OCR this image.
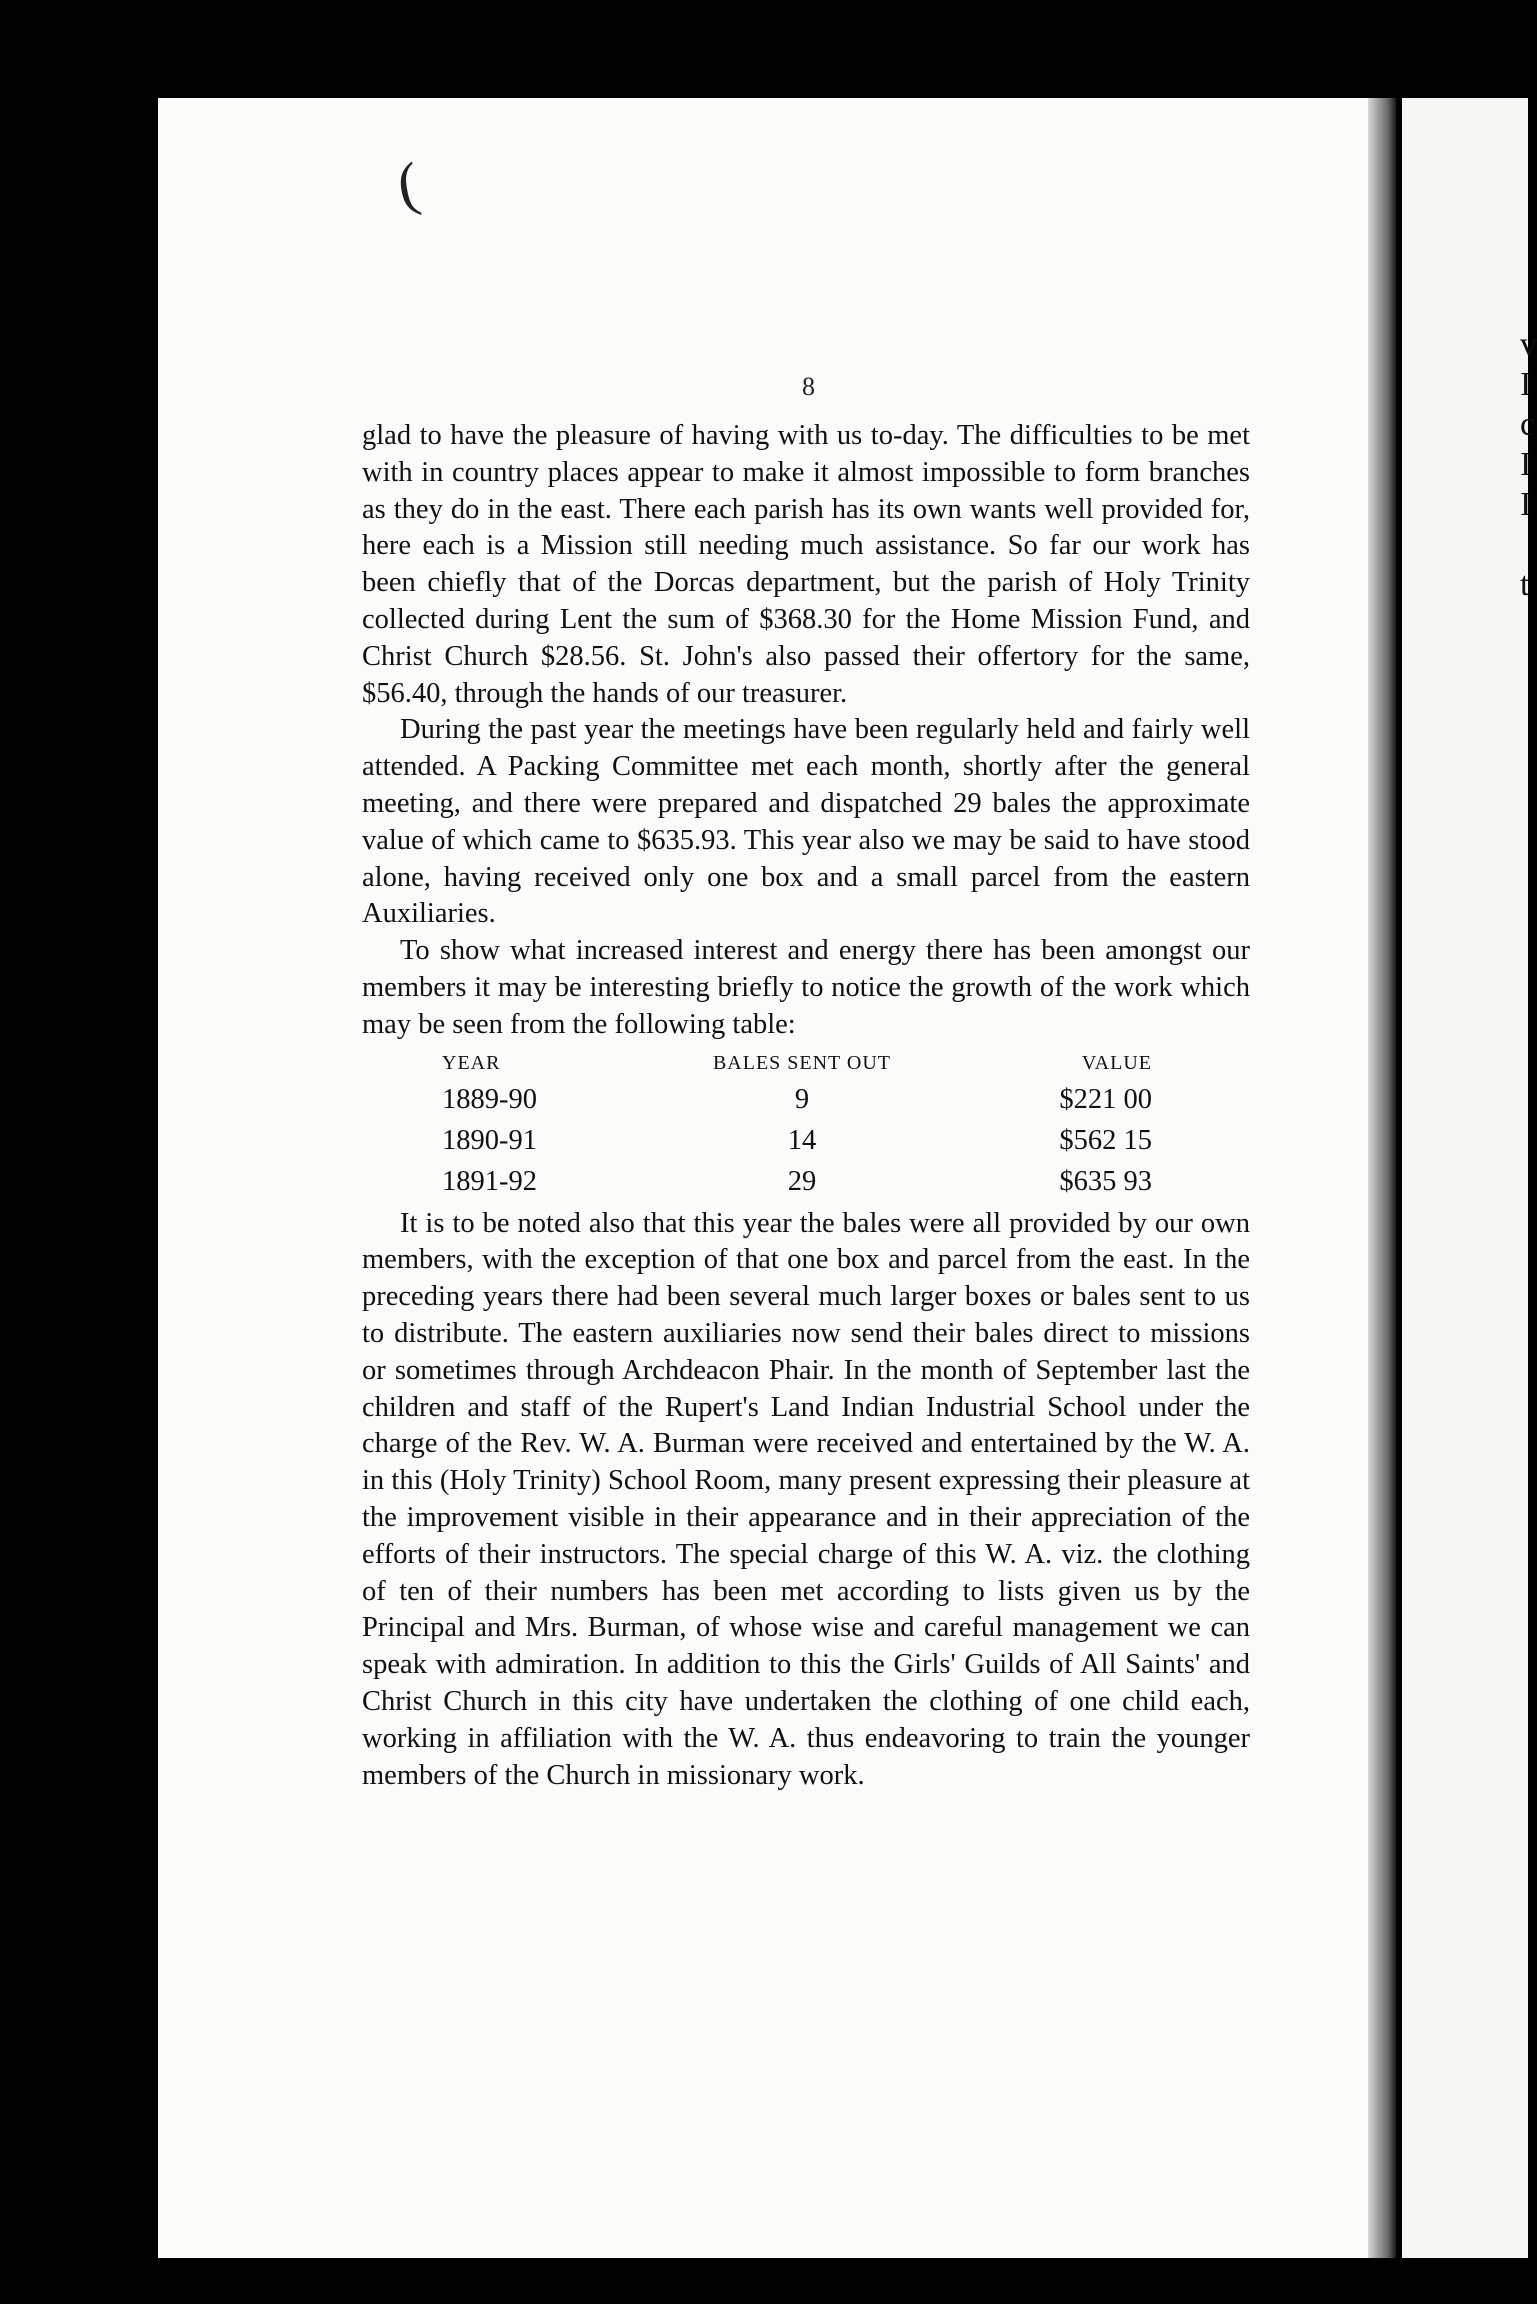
v
I
c
I
I
t
(
8

glad to have the pleasure of having with us to-day. The difficulties to be met with in country places appear to make it almost impossible to form branches as they do in the east. There each parish has its own wants well provided for, here each is a Mission still needing much assistance. So far our work has been chiefly that of the Dorcas department, but the parish of Holy Trinity collected during Lent the sum of $368.30 for the Home Mission Fund, and Christ Church $28.56. St. John's also passed their offertory for the same, $56.40, through the hands of our treasurer.

During the past year the meetings have been regularly held and fairly well attended. A Packing Committee met each month, shortly after the general meeting, and there were prepared and dispatched 29 bales the approximate value of which came to $635.93. This year also we may be said to have stood alone, having received only one box and a small parcel from the eastern Auxiliaries.

To show what increased interest and energy there has been amongst our members it may be interesting briefly to notice the growth of the work which may be seen from the following table:

YEAR	BALES SENT OUT	VALUE
1889-90	9	$221 00
1890-91	14	$562 15
1891-92	29	$635 93

It is to be noted also that this year the bales were all provided by our own members, with the exception of that one box and parcel from the east. In the preceding years there had been several much larger boxes or bales sent to us to distribute. The eastern auxiliaries now send their bales direct to missions or sometimes through Archdeacon Phair. In the month of September last the children and staff of the Rupert's Land Indian Industrial School under the charge of the Rev. W. A. Burman were received and entertained by the W. A. in this (Holy Trinity) School Room, many present expressing their pleasure at the improvement visible in their appearance and in their appreciation of the efforts of their instructors. The special charge of this W. A. viz. the clothing of ten of their numbers has been met according to lists given us by the Principal and Mrs. Burman, of whose wise and careful management we can speak with admiration. In addition to this the Girls' Guilds of All Saints' and Christ Church in this city have undertaken the clothing of one child each, working in affiliation with the W. A. thus endeavoring to train the younger members of the Church in missionary work.
